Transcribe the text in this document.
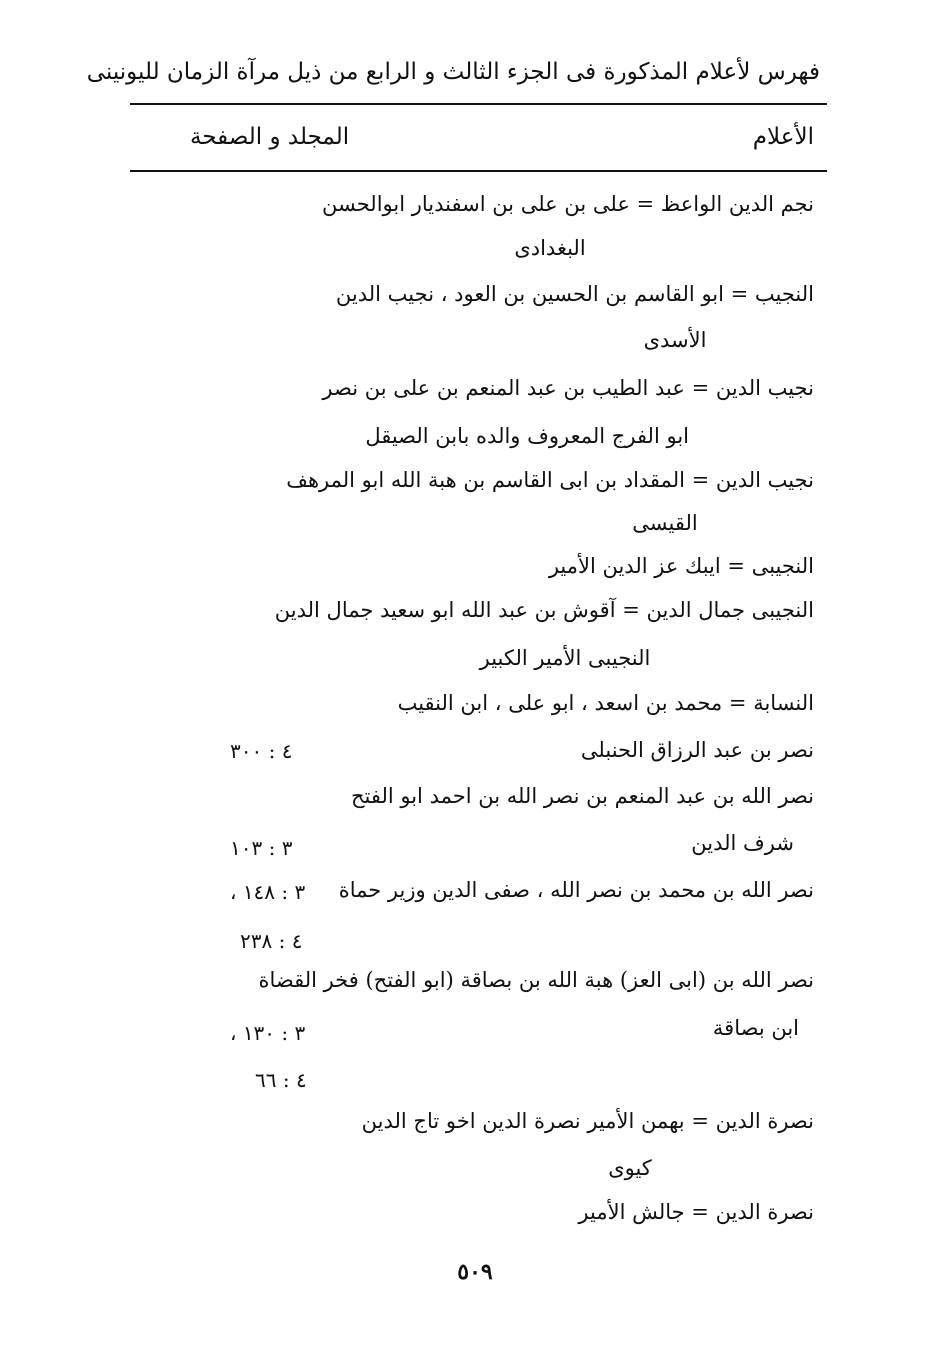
فهرس لأعلام المذكورة فى الجزء الثالث و الرابع من ذيل مرآة الزمان لليونينى
الأعلام
المجلد و الصفحة
نجم الدين الواعظ = على بن على بن اسفنديار ابوالحسن
البغدادى
النجيب = ابو القاسم بن الحسين بن العود ، نجيب الدين
الأسدى
نجيب الدين = عبد الطيب بن عبد المنعم بن على بن نصر
ابو الفرج المعروف والده بابن الصيقل
نجيب الدين = المقداد بن ابى القاسم بن هبة الله ابو المرهف
القيسى
النجيبى = ايبك عز الدين الأمير
النجيبى جمال الدين = آقوش بن عبد الله ابو سعيد جمال الدين
النجيبى الأمير الكبير
النسابة = محمد بن اسعد ، ابو على ، ابن النقيب
نصر بن عبد الرزاق الحنبلى
٤ : ٣٠٠
نصر الله بن عبد المنعم بن نصر الله بن احمد ابو الفتح
شرف الدين
٣ : ١٠٣
نصر الله بن محمد بن نصر الله ، صفى الدين وزير حماة
٣ : ١٤٨ ،
٤ : ٢٣٨
نصر الله بن (ابى العز) هبة الله بن بصاقة (ابو الفتح) فخر القضاة
ابن بصاقة
٣ : ١٣٠ ،
٤ : ٦٦
نصرة الدين = بهمن الأمير نصرة الدين اخو تاج الدين
كيوى
نصرة الدين = جالش الأمير
٥٠٩
